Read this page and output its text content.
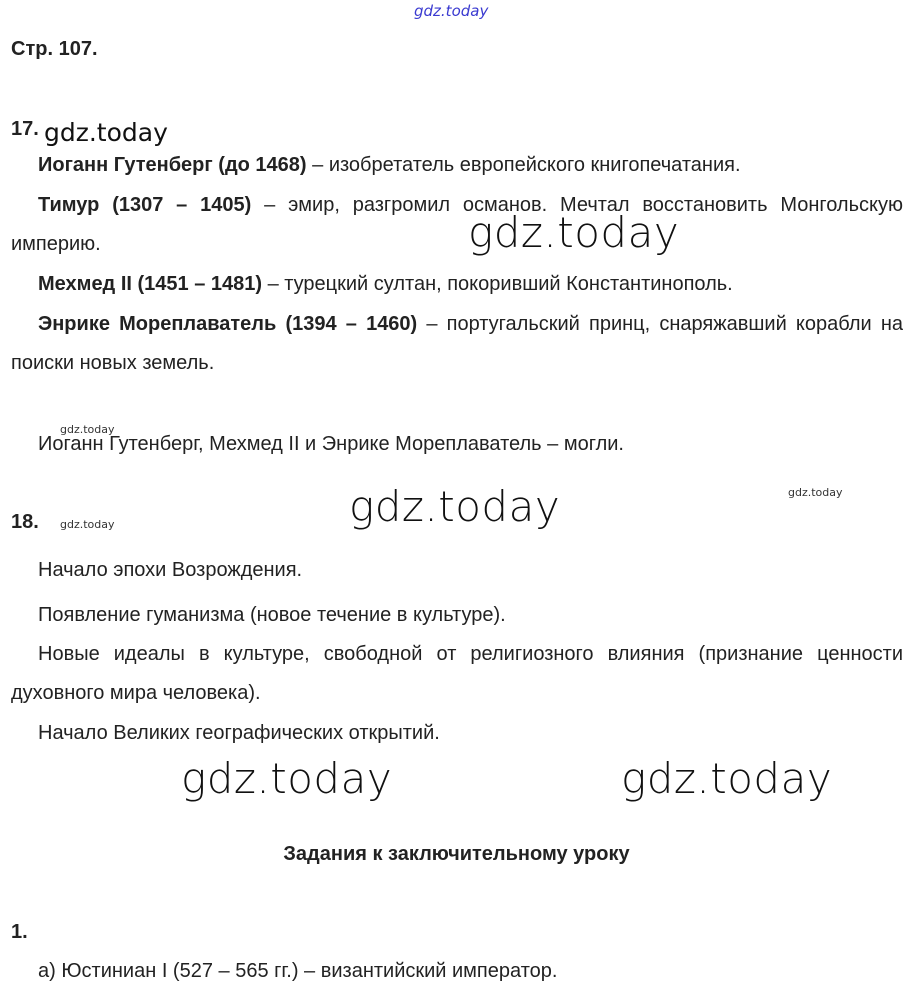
gdz.today
gdz.today
gdz.today
gdz.today
gdz.today	gdz.today
gdz.today
gdz.today	gdz.today
Стр. 107.
17.
Иоганн Гутенберг (до 1468) – изобретатель европейского книгопечатания.
Тимур (1307 – 1405) – эмир, разгромил османов. Мечтал восстановить Монгольскую империю.
Мехмед II (1451 – 1481) – турецкий султан, покоривший Константинополь.
Энрике Мореплаватель (1394 – 1460) – португальский принц, снаряжавший корабли на поиски новых земель.
Иоганн Гутенберг, Мехмед II и Энрике Мореплаватель – могли.
18.
Начало эпохи Возрождения.
Появление гуманизма (новое течение в культуре).
Новые идеалы в культуре, свободной от религиозного влияния (признание ценности духовного мира человека).
Начало Великих географических открытий.
Задания к заключительному уроку
1.
а) Юстиниан I (527 – 565 гг.) – византийский император.
